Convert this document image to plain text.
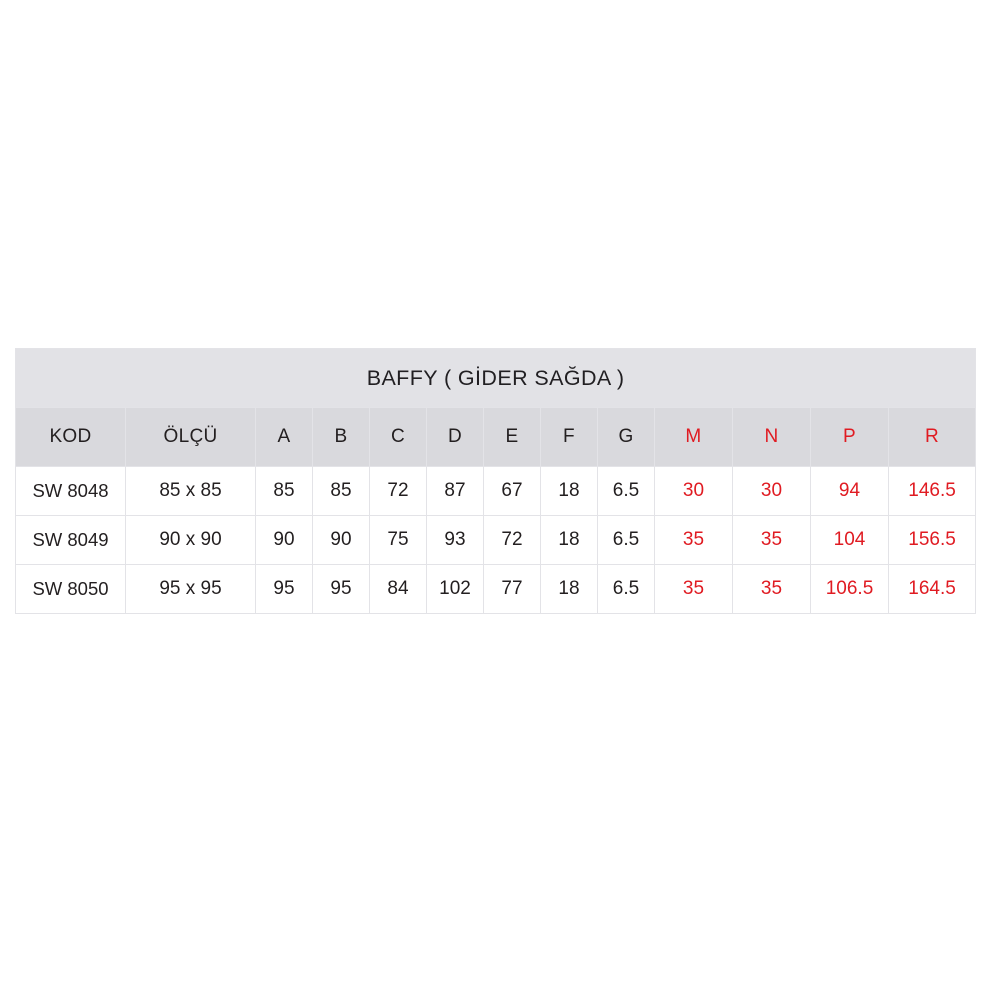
BAFFY ( GİDER SAĞDA )												
KOD	ÖLÇÜ	A	B	C	D	E	F	G	M	N	P	R
SW 8048	85 x 85	85	85	72	87	67	18	6.5	30	30	94	146.5
SW 8049	90 x 90	90	90	75	93	72	18	6.5	35	35	104	156.5
SW 8050	95 x 95	95	95	84	102	77	18	6.5	35	35	106.5	164.5
